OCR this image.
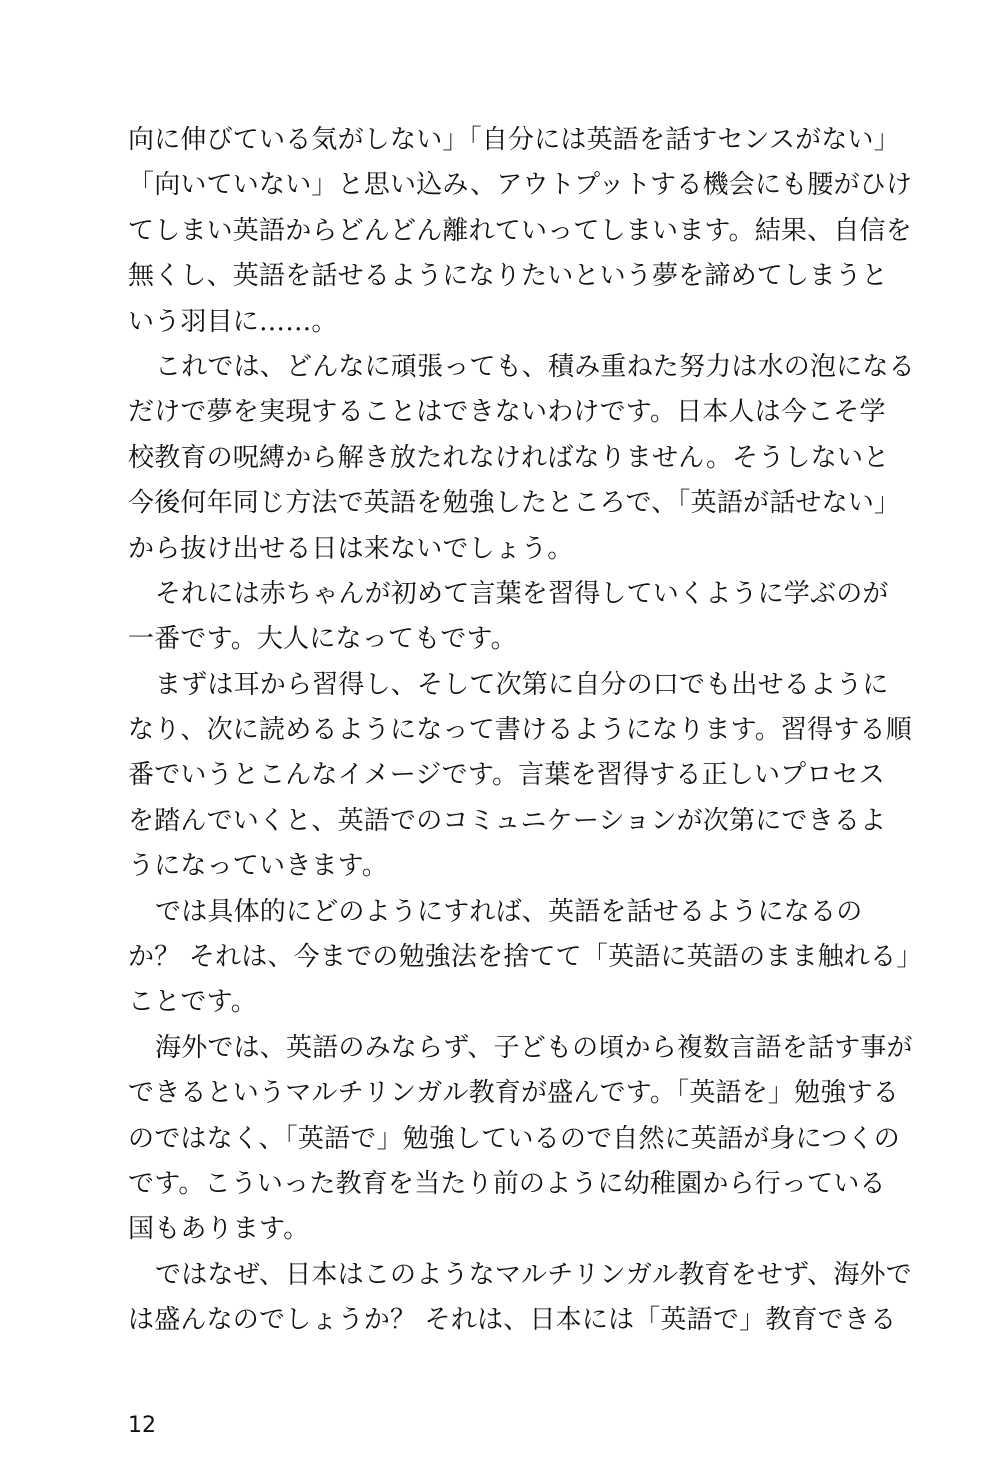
向に伸びている気がしない」「自分には英語を話すセンスがない」
「向いていない」と思い込み、アウトプットする機会にも腰がひけ
てしまい英語からどんどん離れていってしまいます。結果、自信を
無くし、英語を話せるようになりたいという夢を諦めてしまうと
いう羽目に……。
これでは、どんなに頑張っても、積み重ねた努力は水の泡になる
だけで夢を実現することはできないわけです。日本人は今こそ学
校教育の呪縛から解き放たれなければなりません。そうしないと
今後何年同じ方法で英語を勉強したところで、「英語が話せない」
から抜け出せる日は来ないでしょう。
それには赤ちゃんが初めて言葉を習得していくように学ぶのが
一番です。大人になってもです。
まずは耳から習得し、そして次第に自分の口でも出せるように
なり、次に読めるようになって書けるようになります。習得する順
番でいうとこんなイメージです。言葉を習得する正しいプロセス
を踏んでいくと、英語でのコミュニケーションが次第にできるよ
うになっていきます。
では具体的にどのようにすれば、英語を話せるようになるの
か？ それは、今までの勉強法を捨てて「英語に英語のまま触れる」
ことです。
海外では、英語のみならず、子どもの頃から複数言語を話す事が
できるというマルチリンガル教育が盛んです。「英語を」勉強する
のではなく、「英語で」勉強しているので自然に英語が身につくの
です。こういった教育を当たり前のように幼稚園から行っている
国もあります。
ではなぜ、日本はこのようなマルチリンガル教育をせず、海外で
は盛んなのでしょうか？ それは、日本には「英語で」教育できる
12
